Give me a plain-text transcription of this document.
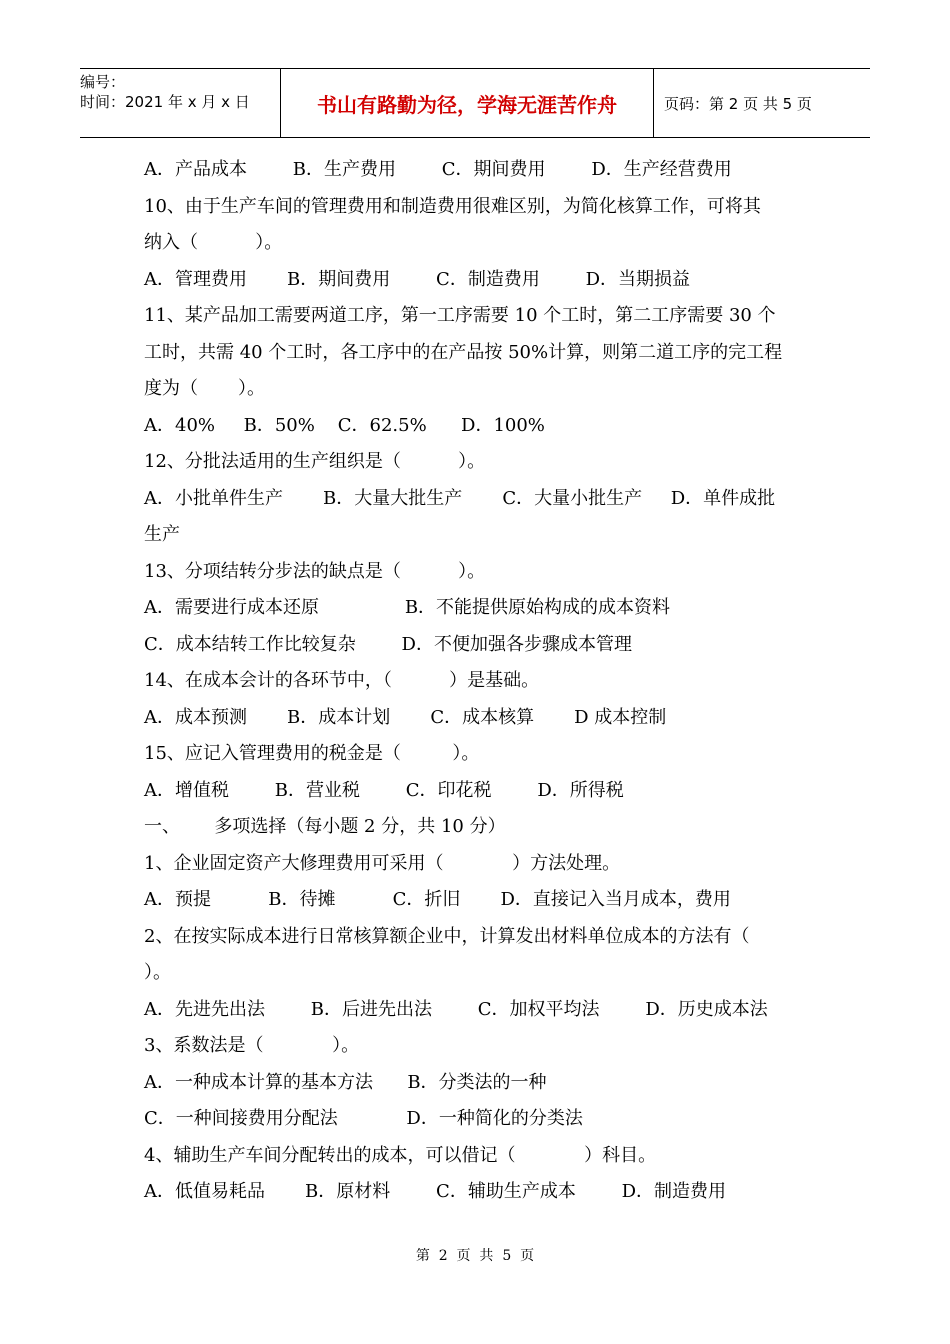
编号：
时间：2021 年 x 月 x 日	书山有路勤为径，学海无涯苦作舟	页码：第 2 页 共 5 页
A．产品成本        B．生产费用        C．期间费用        D．生产经营费用
10、由于生产车间的管理费用和制造费用很难区别，为简化核算工作，可将其
纳入（          ）。
A．管理费用       B．期间费用        C．制造费用        D．当期损益
11、某产品加工需要两道工序，第一工序需要 10 个工时，第二工序需要 30 个
工时，共需 40 个工时，各工序中的在产品按 50%计算，则第二道工序的完工程
度为（       ）。
A．40%     B．50%    C．62.5%      D．100%
12、分批法适用的生产组织是（          ）。
A．小批单件生产       B．大量大批生产       C．大量小批生产     D．单件成批
生产
13、分项结转分步法的缺点是（          ）。
A．需要进行成本还原               B．不能提供原始构成的成本资料
C．成本结转工作比较复杂        D．不便加强各步骤成本管理
14、在成本会计的各环节中，（          ）是基础。
A．成本预测       B．成本计划       C．成本核算       D 成本控制
15、应记入管理费用的税金是（         ）。
A．增值税        B．营业税        C．印花税        D．所得税
一、      多项选择（每小题 2 分，共 10 分）
1、企业固定资产大修理费用可采用（            ）方法处理。
A．预提          B．待摊          C．折旧       D．直接记入当月成本，费用
2、在按实际成本进行日常核算额企业中，计算发出材料单位成本的方法有（
）。
A．先进先出法        B．后进先出法        C．加权平均法        D．历史成本法
3、系数法是（            ）。
A．一种成本计算的基本方法      B．分类法的一种
C．一种间接费用分配法            D．一种简化的分类法
4、辅助生产车间分配转出的成本，可以借记（            ）科目。
A．低值易耗品       B．原材料        C．辅助生产成本        D．制造费用
第  2  页  共  5  页
